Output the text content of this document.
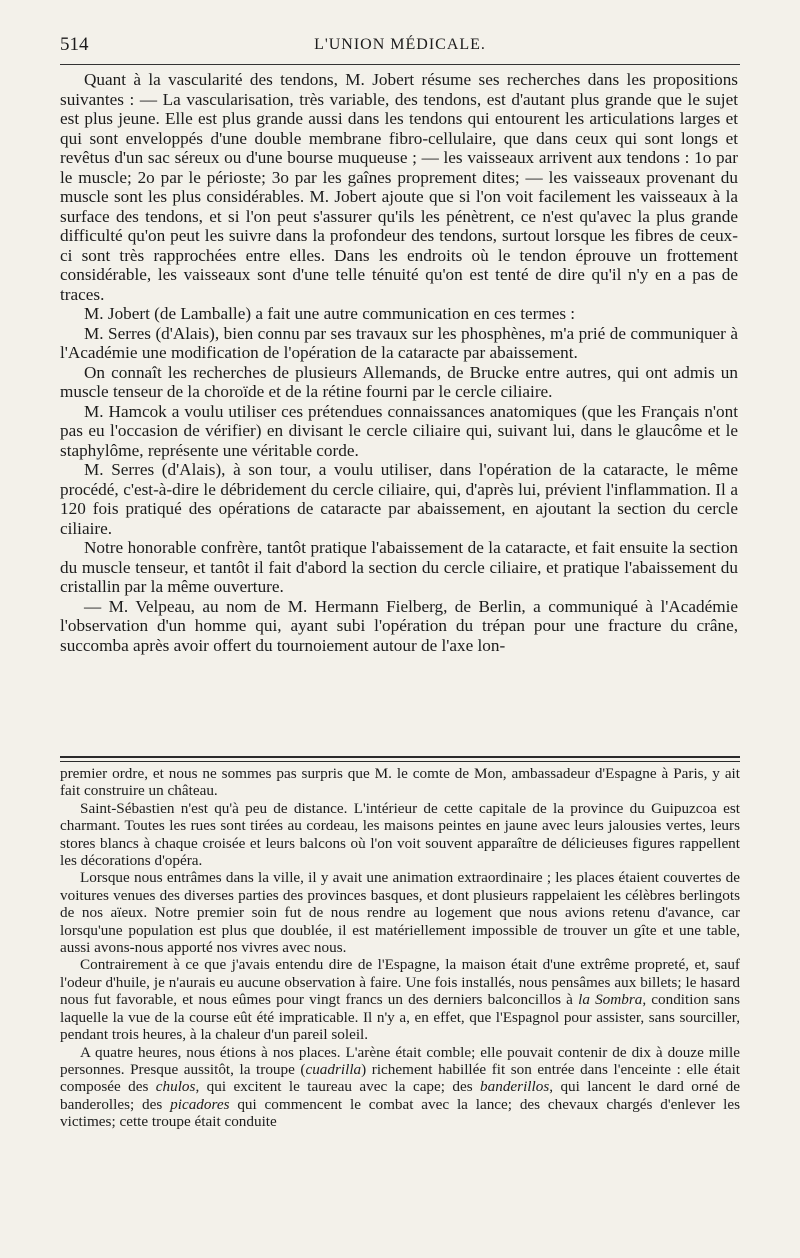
514	L'UNION MÉDICALE.

Quant à la vascularité des tendons, M. Jobert résume ses recherches dans les propositions suivantes : — La vascularisation, très variable, des tendons, est d'autant plus grande que le sujet est plus jeune. Elle est plus grande aussi dans les tendons qui entourent les articulations larges et qui sont enveloppés d'une double membrane fibro-cellulaire, que dans ceux qui sont longs et revêtus d'un sac séreux ou d'une bourse muqueuse ; — les vaisseaux arrivent aux tendons : 1o par le muscle; 2o par le périoste; 3o par les gaînes proprement dites; — les vaisseaux provenant du muscle sont les plus considérables. M. Jobert ajoute que si l'on voit facilement les vaisseaux à la surface des tendons, et si l'on peut s'assurer qu'ils les pénètrent, ce n'est qu'avec la plus grande difficulté qu'on peut les suivre dans la profondeur des tendons, surtout lorsque les fibres de ceux-ci sont très rapprochées entre elles. Dans les endroits où le tendon éprouve un frottement considérable, les vaisseaux sont d'une telle ténuité qu'on est tenté de dire qu'il n'y en a pas de traces.

M. Jobert (de Lamballe) a fait une autre communication en ces termes :

M. Serres (d'Alais), bien connu par ses travaux sur les phosphènes, m'a prié de communiquer à l'Académie une modification de l'opération de la cataracte par abaissement.

On connaît les recherches de plusieurs Allemands, de Brucke entre autres, qui ont admis un muscle tenseur de la choroïde et de la rétine fourni par le cercle ciliaire.

M. Hamcok a voulu utiliser ces prétendues connaissances anatomiques (que les Français n'ont pas eu l'occasion de vérifier) en divisant le cercle ciliaire qui, suivant lui, dans le glaucôme et le staphylôme, représente une véritable corde.

M. Serres (d'Alais), à son tour, a voulu utiliser, dans l'opération de la cataracte, le même procédé, c'est-à-dire le débridement du cercle ciliaire, qui, d'après lui, prévient l'inflammation. Il a 120 fois pratiqué des opérations de cataracte par abaissement, en ajoutant la section du cercle ciliaire.

Notre honorable confrère, tantôt pratique l'abaissement de la cataracte, et fait ensuite la section du muscle tenseur, et tantôt il fait d'abord la section du cercle ciliaire, et pratique l'abaissement du cristallin par la même ouverture.

— M. Velpeau, au nom de M. Hermann Fielberg, de Berlin, a communiqué à l'Académie l'observation d'un homme qui, ayant subi l'opération du trépan pour une fracture du crâne, succomba après avoir offert du tournoiement autour de l'axe lon-

premier ordre, et nous ne sommes pas surpris que M. le comte de Mon, ambassadeur d'Espagne à Paris, y ait fait construire un château.

Saint-Sébastien n'est qu'à peu de distance. L'intérieur de cette capitale de la province du Guipuzcoa est charmant. Toutes les rues sont tirées au cordeau, les maisons peintes en jaune avec leurs jalousies vertes, leurs stores blancs à chaque croisée et leurs balcons où l'on voit souvent apparaître de délicieuses figures rappellent les décorations d'opéra.

Lorsque nous entrâmes dans la ville, il y avait une animation extraordinaire ; les places étaient couvertes de voitures venues des diverses parties des provinces basques, et dont plusieurs rappelaient les célèbres berlingots de nos aïeux. Notre premier soin fut de nous rendre au logement que nous avions retenu d'avance, car lorsqu'une population est plus que doublée, il est matériellement impossible de trouver un gîte et une table, aussi avons-nous apporté nos vivres avec nous.

Contrairement à ce que j'avais entendu dire de l'Espagne, la maison était d'une extrême propreté, et, sauf l'odeur d'huile, je n'aurais eu aucune observation à faire. Une fois installés, nous pensâmes aux billets; le hasard nous fut favorable, et nous eûmes pour vingt francs un des derniers balconcillos à la Sombra, condition sans laquelle la vue de la course eût été impraticable. Il n'y a, en effet, que l'Espagnol pour assister, sans sourciller, pendant trois heures, à la chaleur d'un pareil soleil.

A quatre heures, nous étions à nos places. L'arène était comble; elle pouvait contenir de dix à douze mille personnes. Presque aussitôt, la troupe (cuadrilla) richement habillée fit son entrée dans l'enceinte : elle était composée des chulos, qui excitent le taureau avec la cape; des banderillos, qui lancent le dard orné de banderolles; des picadores qui commencent le combat avec la lance; des chevaux chargés d'enlever les victimes; cette troupe était conduite
